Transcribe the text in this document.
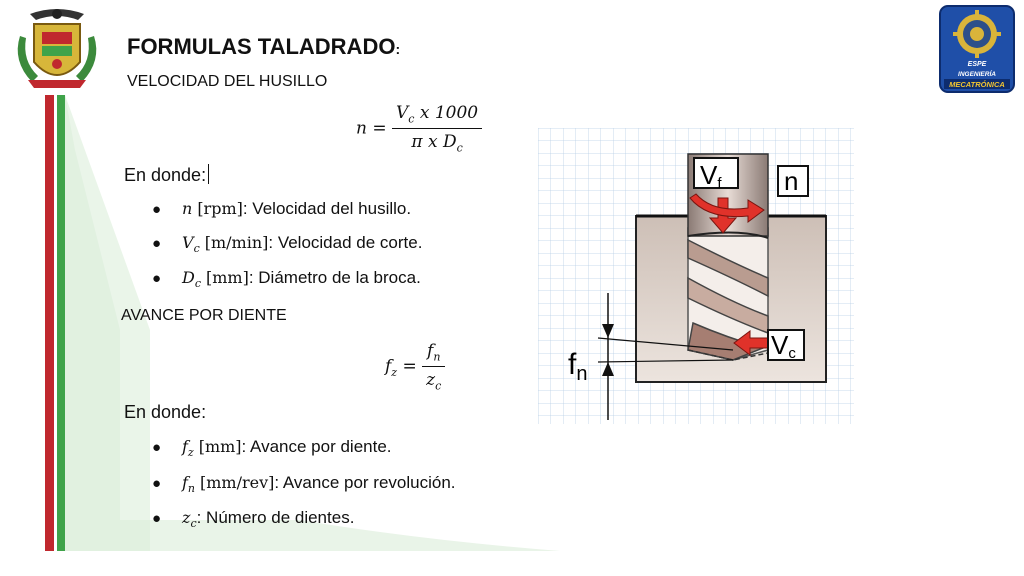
ESPE
INGENIERÍA
MECATRÓNICA
FORMULAS TALADRADO:
VELOCIDAD DEL HUSILLO
$n = \frac{V_c x 1000}{\pi x D_c}$
En donde:
●	n [rpm] : Velocidad del husillo.
●	$V_c$ [m/min] : Velocidad de corte.
●	$D_c$ [mm] : Diámetro de la broca.
AVANCE POR DIENTE
$f_z = \frac{f_n}{z_c}$
En donde:
●	$f_z$ [mm] : Avance por diente.
●	$f_n$ [mm/rev] : Avance por revolución.
●	$z_c$ : Número de dientes.
Vf n
Vc
$f_n$
